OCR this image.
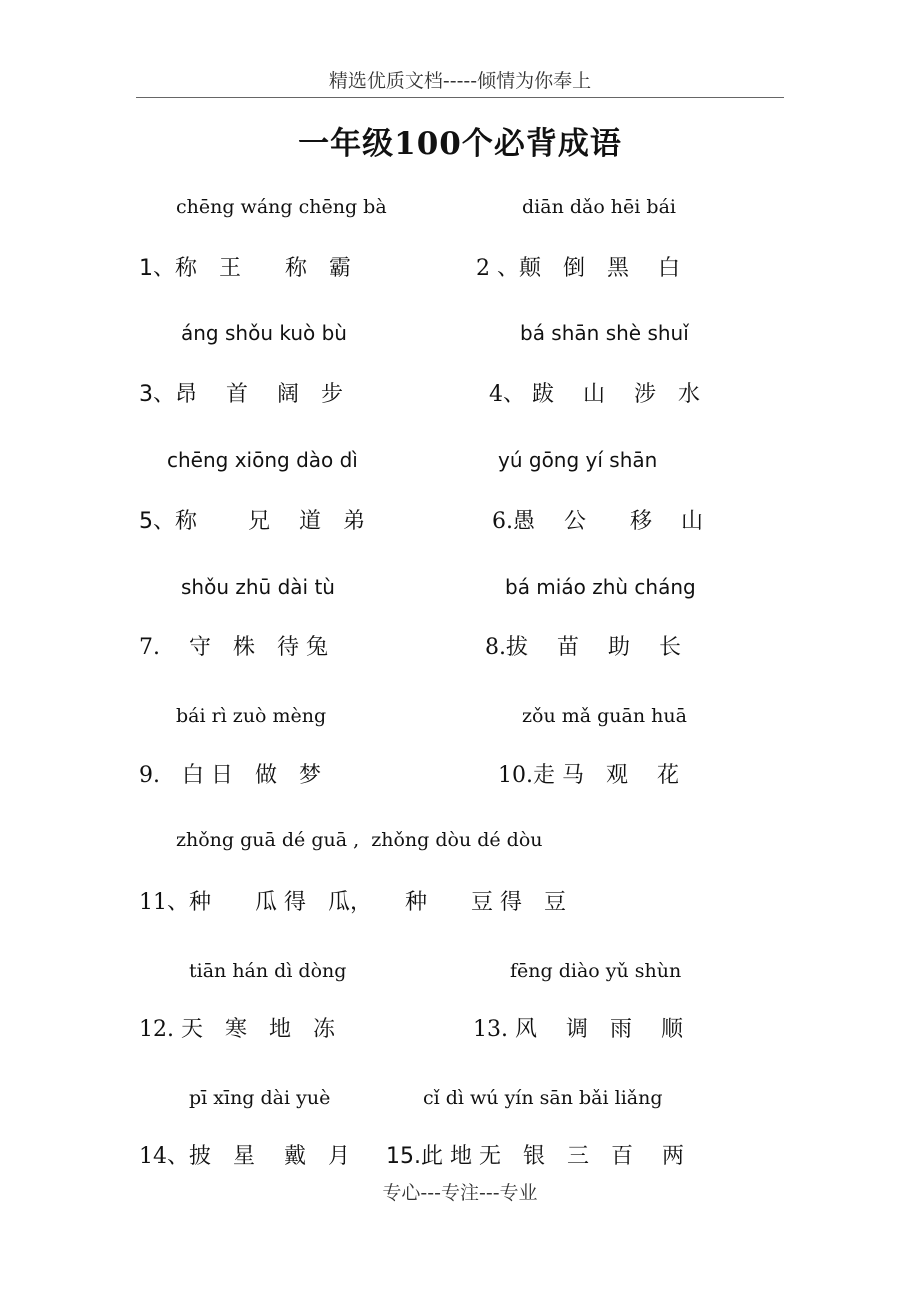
精选优质文档-----倾情为你奉上
一年级100个必背成语
chēng wáng chēng bà	diān dǎo hēi bái
1、称　王　　称　霸	2 、颠　倒　黑　 白
áng shǒu kuò bù	bá shān shè shuǐ
3、昂　 首　 阔　步	4、 跋　 山　 涉　水
chēng xiōng dào dì	yú gōng yí shān
5、称　　 兄　 道　弟	6.愚　 公　　移　 山
shǒu zhū dài tù	bá miáo zhù cháng
7.　 守　株　待 兔	8.拔　 苗　 助　 长
bái rì zuò mèng	zǒu mǎ guān huā
9.　白 日　做　梦	10.走 马　观　 花
zhǒng guā dé guā ,  zhǒng dòu dé dòu
11、种　　瓜 得　瓜，　　种　　豆 得　豆
tiān hán dì dòng	fēng diào yǔ shùn
12. 天　寒　地　冻	13. 风　 调　雨　 顺
pī xīng dài yuè	cǐ dì wú yín sān bǎi liǎng
14、披　星　 戴　月 15.此 地 无　银　三　百　 两
专心---专注---专业
